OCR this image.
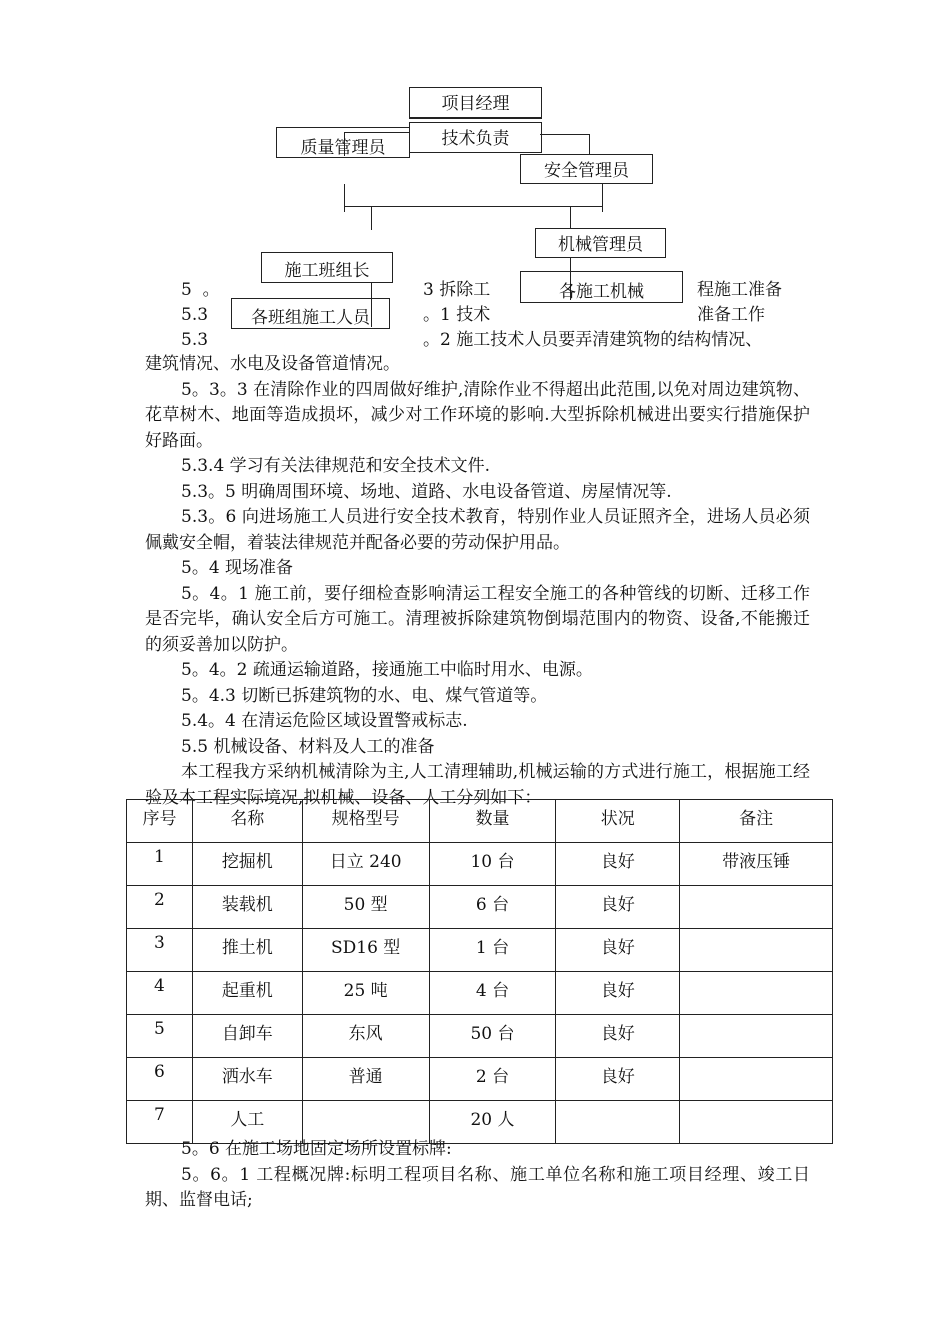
项目经理
技术负责
质量管理员
安全管理员
机械管理员
施工班组长
各施工机械
各班组施工人员
5  。	3 拆除工	程施工准备
5.3	。1 技术	准备工作
5.3	。2 施工技术人员要弄清建筑物的结构情况、

建筑情况、水电及设备管道情况。

5。3。3 在清除作业的四周做好维护,清除作业不得超出此范围,以免对周边建筑物、花草树木、地面等造成损坏，减少对工作环境的影响.大型拆除机械进出要实行措施保护好路面。

5.3.4 学习有关法律规范和安全技术文件.

5.3。5 明确周围环境、场地、道路、水电设备管道、房屋情况等.

5.3。6 向进场施工人员进行安全技术教育，特别作业人员证照齐全，进场人员必须佩戴安全帽，着装法律规范并配备必要的劳动保护用品。

5。4 现场准备

5。4。1 施工前，要仔细检查影响清运工程安全施工的各种管线的切断、迁移工作是否完毕，确认安全后方可施工。清理被拆除建筑物倒塌范围内的物资、设备,不能搬迁的须妥善加以防护。

5。4。2 疏通运输道路，接通施工中临时用水、电源。

5。4.3 切断已拆建筑物的水、电、煤气管道等。

5.4。4 在清运危险区域设置警戒标志.

5.5 机械设备、材料及人工的准备

本工程我方采纳机械清除为主,人工清理辅助,机械运输的方式进行施工，根据施工经验及本工程实际境况,拟机械、设备、人工分列如下：

序号	名称	规格型号	数量	状况	备注
1	挖掘机	日立 240	10 台	良好	带液压锤
2	装载机	50 型	6 台	良好	
3	推土机	SD16 型	1 台	良好	
4	起重机	25 吨	4 台	良好	
5	自卸车	东风	50 台	良好	
6	洒水车	普通	2 台	良好	
7	人工		20 人		

5。6 在施工场地固定场所设置标牌:

5。6。1 工程概况牌:标明工程项目名称、施工单位名称和施工项目经理、竣工日期、监督电话;
